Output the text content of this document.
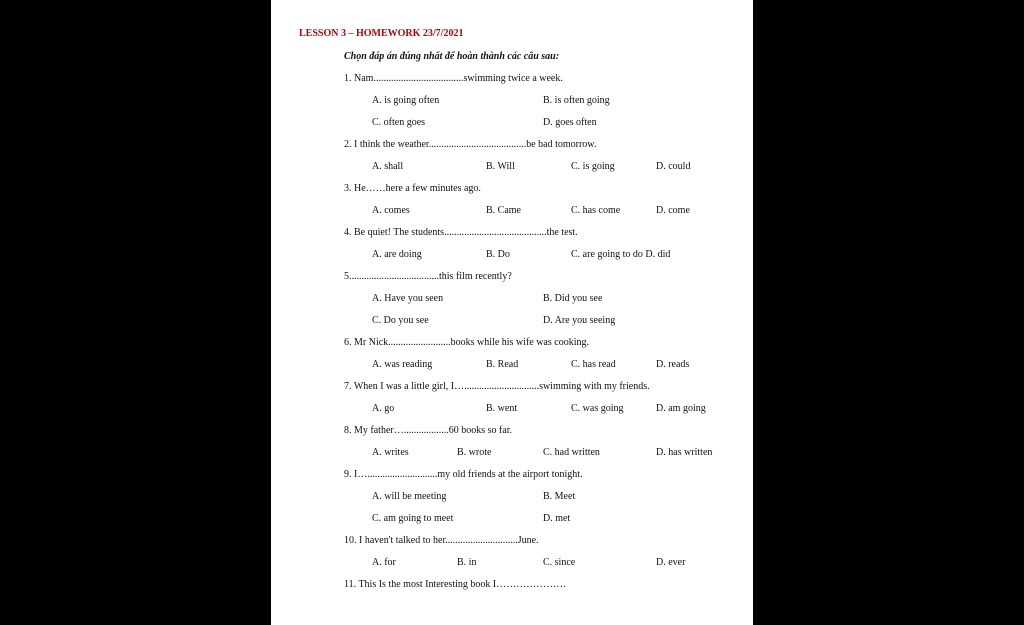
LESSON 3 – HOMEWORK 23/7/2021
Chọn đáp án đúng nhất để hoàn thành các câu sau:
1. Nam....................................swimming twice a week.
A. is going often	B. is often going
C. often goes	D. goes often
2. I think the weather.......................................be bad tomorrow.
A. shall	B. Will	C. is going	D. could
3. He……here a few minutes ago.
A. comes	B. Came	C. has come	D. come
4. Be quiet! The students.........................................the test.
A. are doing	B. Do	C. are going to do D. did
5....................................this film recently?
A. Have you seen	B. Did you see
C. Do you see	D. Are you seeing
6. Mr Nick.........................books while his wife was cooking.
A. was reading	B. Read	C. has read	D. reads
7. When I was a little girl, I…..............................swimming with my friends.
A. go	B. went	C. was going	D. am going
8. My father…..................60 books so far.
A. writes	B. wrote	C. had written	D. has written
9. I…............................my old friends at the airport tonight.
A. will be meeting	B. Meet
C. am going to meet	D. met
10. I haven't talked to her.............................June.
A. for	B. in	C. since	D. ever
11. This Is the most Interesting book I…………………
